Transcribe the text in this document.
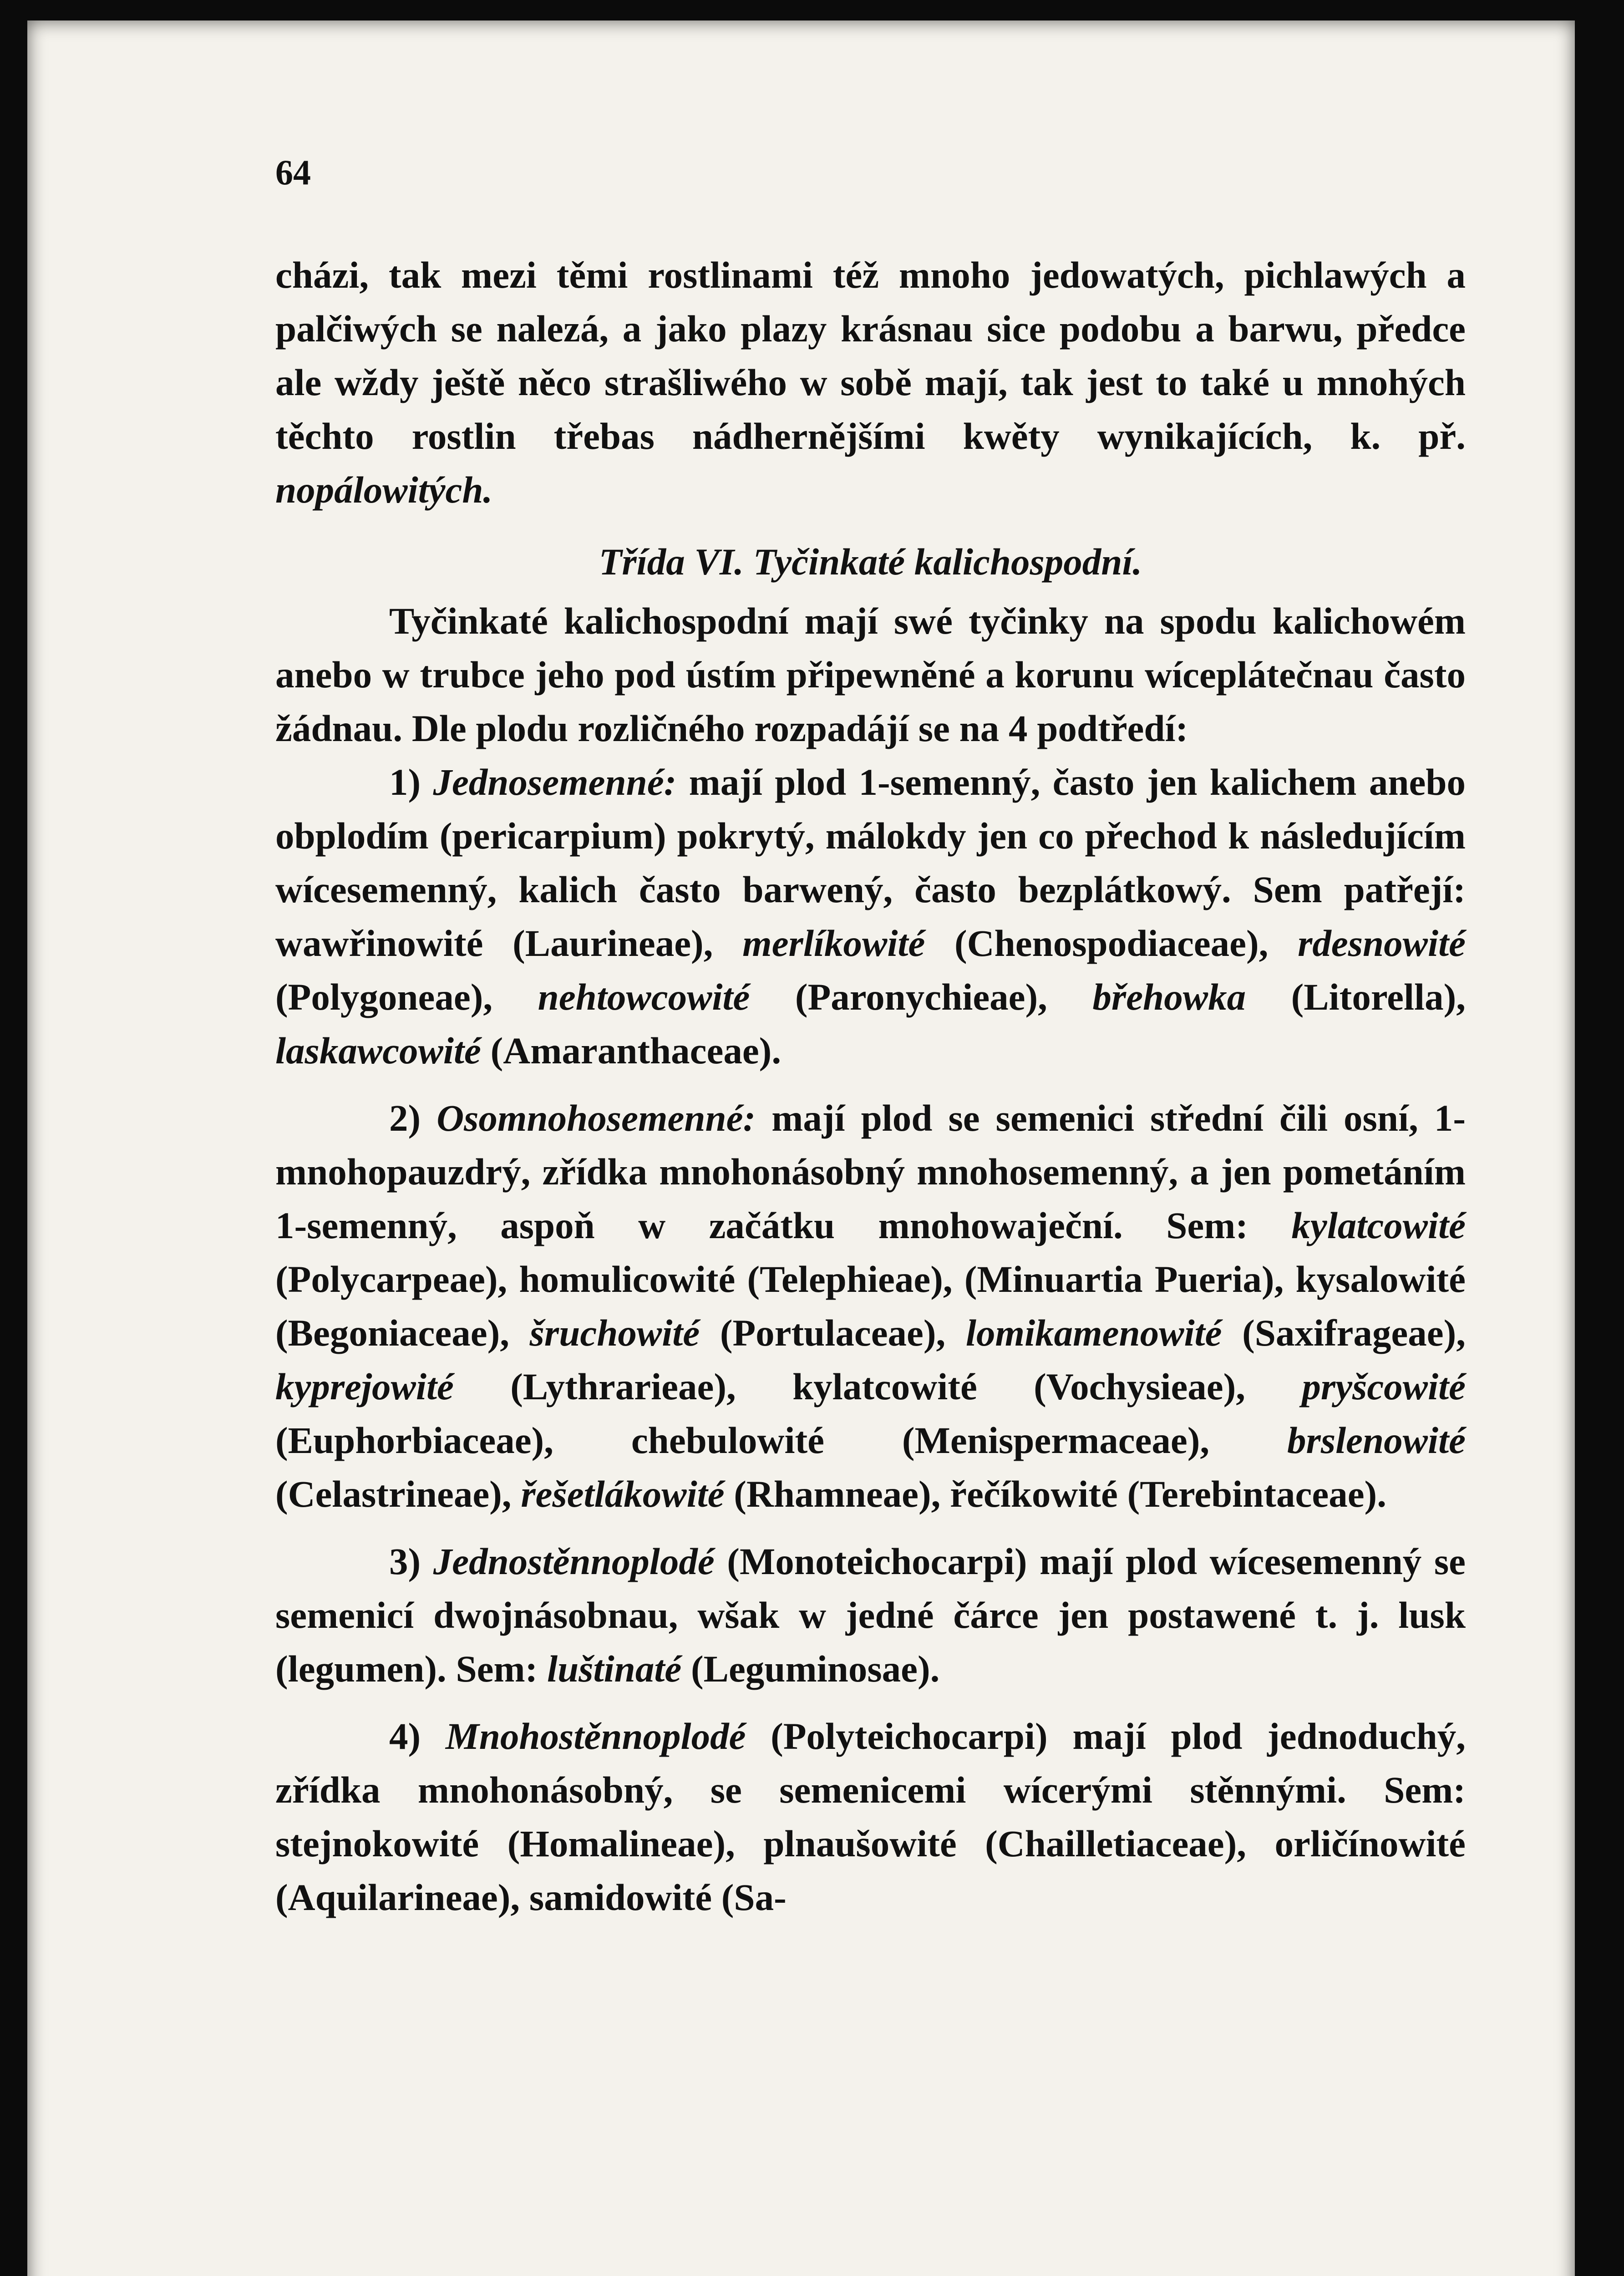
64

cházi, tak mezi těmi rostlinami též mnoho jedowatých, pichlawých a palčiwých se nalezá, a jako plazy krásnau sice podobu a barwu, předce ale wždy ještě něco strašliwého w sobě mají, tak jest to také u mnohých těchto rostlin třebas nádhernějšími kwěty wynikajících, k. př. nopálowitých.

Třída VI. Tyčinkaté kalichospodní.

Tyčinkaté kalichospodní mají swé tyčinky na spodu kalichowém anebo w trubce jeho pod ústím připewněné a korunu wíceplátečnau často žádnau. Dle plodu rozličného rozpadájí se na 4 podtředí:

1) Jednosemenné: mají plod 1-semenný, často jen kalichem anebo obplodím (pericarpium) pokrytý, málokdy jen co přechod k následujícím wícesemenný, kalich často barwený, často bezplátkowý. Sem patřejí: wawřinowité (Laurineae), merlíkowité (Chenospodiaceae), rdesnowité (Polygoneae), nehtowcowité (Paronychieae), břehowka (Litorella), laskawcowité (Amaranthaceae).

2) Osomnohosemenné: mají plod se semenici střední čili osní, 1-mnohopauzdrý, zřídka mnohonásobný mnohosemenný, a jen pometáním 1-semenný, aspoň w začátku mnohowaječní. Sem: kylatcowité (Polycarpeae), homulicowité (Telephieae), (Minuartia Pueria), kysalowité (Begoniaceae), šruchowité (Portulaceae), lomikamenowité (Saxifrageae), kyprejowité (Lythrarieae), kylatcowité (Vochysieae), pryšcowité (Euphorbiaceae), chebulowité (Menispermaceae), brslenowité (Celastrineae), řešetlákowité (Rhamneae), řečíkowité (Terebintaceae).

3) Jednostěnnoplodé (Monoteichocarpi) mají plod wícesemenný se semenicí dwojnásobnau, wšak w jedné čárce jen postawené t. j. lusk (legumen). Sem: luštinaté (Leguminosae).

4) Mnohostěnnoplodé (Polyteichocarpi) mají plod jednoduchý, zřídka mnohonásobný, se semenicemi wícerými stěnnými. Sem: stejnokowité (Homalineae), plnaušowité (Chailletiaceae), orličínowité (Aquilarineae), samidowité (Sa-
